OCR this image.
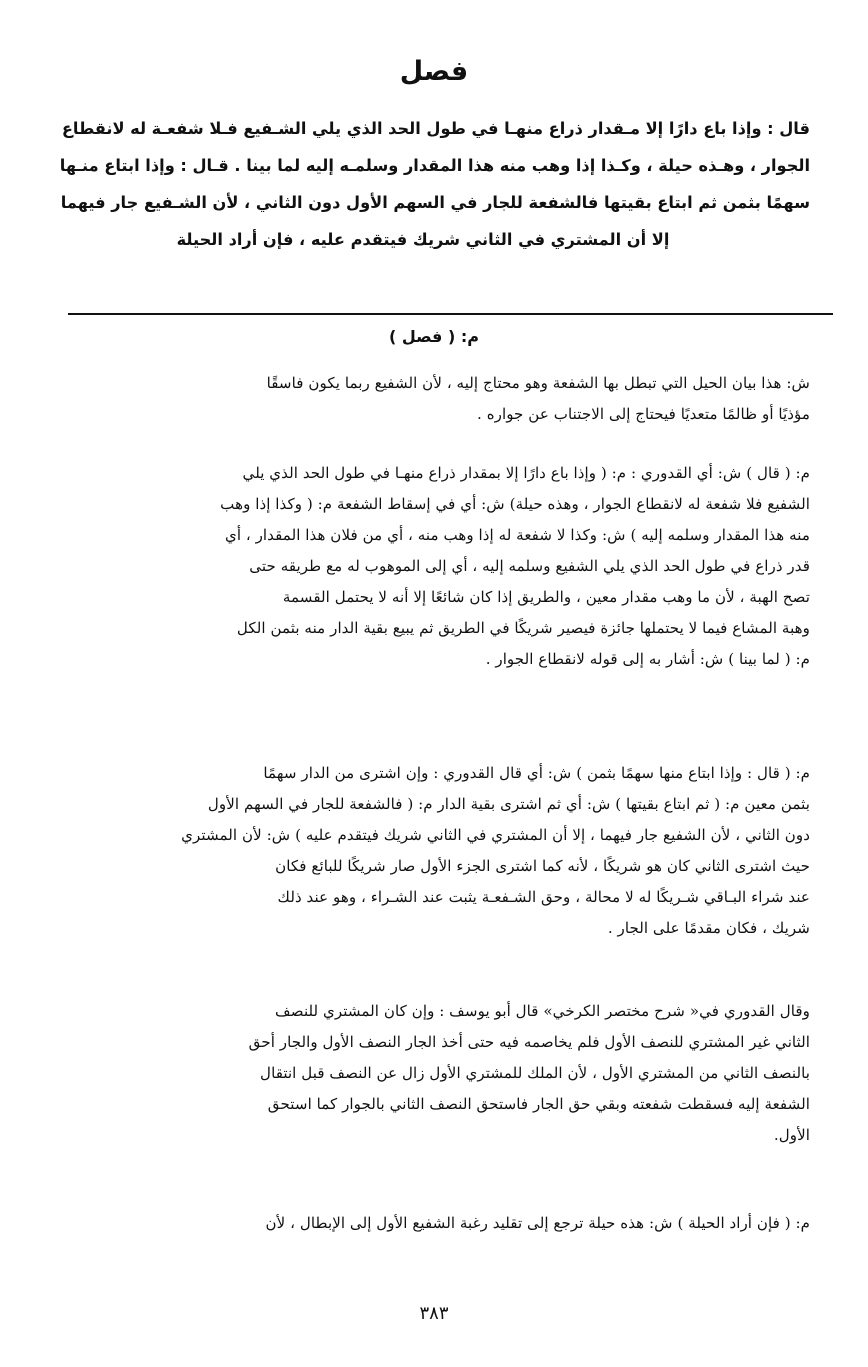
فصل
قال : وإذا باع دارًا إلا مـقدار ذراع منهـا في طول الحد الذي يلي الشـفيع فـلا شفعـة له لانقطاع
الجوار ، وهـذه حيلة ، وكـذا إذا وهب منه هذا المقدار وسلمـه إليه لما بينا . قـال : وإذا ابتاع منـها
سهمًا بثمن ثم ابتاع بقيتها فالشفعة للجار في السهم الأول دون الثاني ، لأن الشـفيع جار فيهما
إلا أن المشتري في الثاني شريك فيتقدم عليه ، فإن أراد الحيلة
م: ( فصل )
ش: هذا بيان الحيل التي تبطل بها الشفعة وهو محتاج إليه ، لأن الشفيع ربما يكون فاسقًا
مؤذيًا أو ظالمًا متعديًا فيحتاج إلى الاجتناب عن جواره .
م: ( قال ) ش: أي القدوري : م: ( وإذا باع دارًا إلا بمقدار ذراع منهـا في طول الحد الذي يلي
الشفيع فلا شفعة له لانقطاع الجوار ، وهذه حيلة) ش: أي في إسقاط الشفعة م: ( وكذا إذا وهب
منه هذا المقدار وسلمه إليه ) ش: وكذا لا شفعة له إذا وهب منه ، أي من فلان هذا المقدار ، أي
قدر ذراع في طول الحد الذي يلي الشفيع وسلمه إليه ، أي إلى الموهوب له مع طريقه حتى
تصح الهبة ، لأن ما وهب مقدار معين ، والطريق إذا كان شائعًا إلا أنه لا يحتمل القسمة
وهبة المشاع فيما لا يحتملها جائزة فيصير شريكًا في الطريق ثم يبيع بقية الدار منه بثمن الكل
م: ( لما بينا ) ش: أشار به إلى قوله لانقطاع الجوار .
م: ( قال : وإذا ابتاع منها سهمًا بثمن ) ش: أي قال القدوري : وإن اشترى من الدار سهمًا
بثمن معين م: ( ثم ابتاع بقيتها ) ش: أي ثم اشترى بقية الدار م: ( فالشفعة للجار في السهم الأول
دون الثاني ، لأن الشفيع جار فيهما ، إلا أن المشتري في الثاني شريك فيتقدم عليه ) ش: لأن المشتري
حيث اشترى الثاني كان هو شريكًا ، لأنه كما اشترى الجزء الأول صار شريكًا للبائع فكان
عند شراء البـاقي شـريكًا له لا محالة ، وحق الشـفعـة يثبت عند الشـراء ، وهو عند ذلك
شريك ، فكان مقدمًا على الجار .
وقال القدوري في« شرح مختصر الكرخي» قال أبو يوسف : وإن كان المشتري للنصف
الثاني غير المشتري للنصف الأول فلم يخاصمه فيه حتى أخذ الجار النصف الأول والجار أحق
بالنصف الثاني من المشتري الأول ، لأن الملك للمشتري الأول زال عن النصف قبل انتقال
الشفعة إليه فسقطت شفعته وبقي حق الجار فاستحق النصف الثاني بالجوار كما استحق
الأول.
م: ( فإن أراد الحيلة ) ش: هذه حيلة ترجع إلى تقليد رغبة الشفيع الأول إلى الإبطال ، لأن
٣٨٣
